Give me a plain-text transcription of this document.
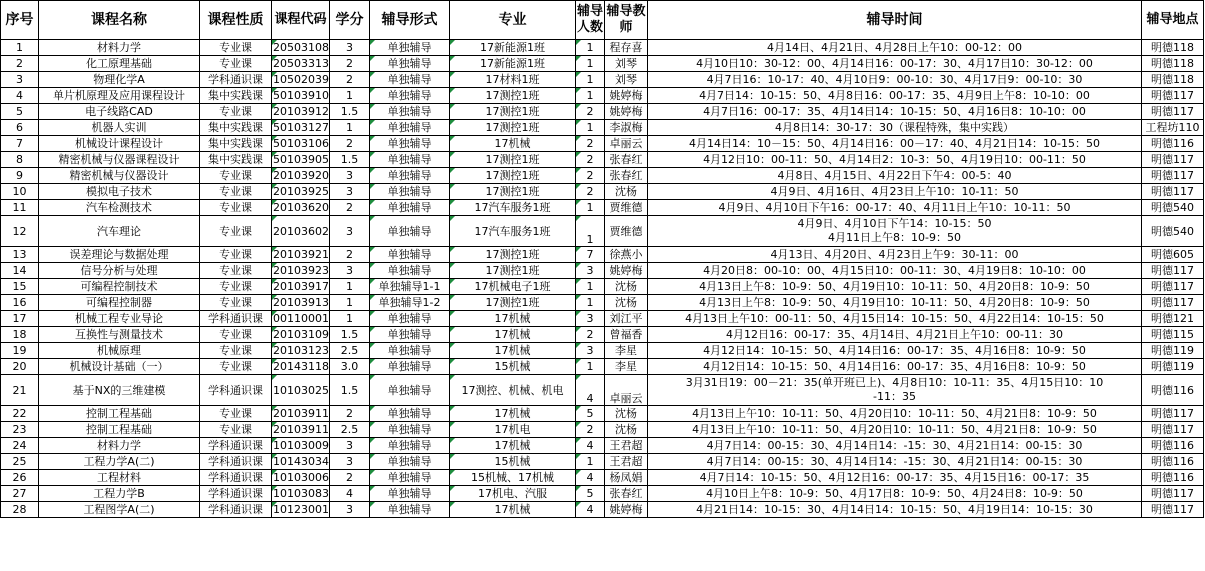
序号	课程名称	课程性质	课程代码	学分	辅导形式	专业	辅导人数	辅导教师	辅导时间	辅导地点
1	材料力学	专业课	20503108	3	单独辅导	17新能源1班	1	程存喜	4月14日、4月21日、4月28日上午10：00-12：00	明德118
2	化工原理基础	专业课	20503313	2	单独辅导	17新能源1班	1	刘琴	4月10日10：30-12：00、4月14日16：00-17：30、4月17日10：30-12：00	明德118
3	物理化学A	学科通识课	10502039	2	单独辅导	17材料1班	1	刘琴	4月7日16：10-17：40、4月10日9：00-10：30、4月17日9：00-10：30	明德118
4	单片机原理及应用课程设计	集中实践课	50103910	1	单独辅导	17测控1班	1	姚婷梅	4月7日14：10-15：50、4月8日16：00-17：35、4月9日上午8：10-10：00	明德117
5	电子线路CAD	专业课	20103912	1.5	单独辅导	17测控1班	2	姚婷梅	4月7日16：00-17：35、4月14日14：10-15：50、4月16日8：10-10：00	明德117
6	机器人实训	集中实践课	50103127	1	单独辅导	17测控1班	1	李淑梅	4月8日14：30-17：30（课程特殊，集中实践）	工程坊110
7	机械设计课程设计	集中实践课	50103106	2	单独辅导	17机械	2	卓丽云	4月14日14：10－15：50、4月14日16：00－17：40、4月21日14：10-15：50	明德116
8	精密机械与仪器课程设计	集中实践课	50103905	1.5	单独辅导	17测控1班	2	张春红	4月12日10：00-11：50、4月14日2：10-3：50、4月19日10：00-11：50	明德117
9	精密机械与仪器设计	专业课	20103920	3	单独辅导	17测控1班	2	张春红	4月8日、4月15日、4月22日下午4：00-5：40	明德117
10	模拟电子技术	专业课	20103925	3	单独辅导	17测控1班	2	沈杨	4月9日、4月16日、4月23日上午10：10-11：50	明德117
11	汽车检测技术	专业课	20103620	2	单独辅导	17汽车服务1班	1	贾维德	4月9日、4月10日下午16：00-17：40、4月11日上午10：10-11：50	明德540
12	汽车理论	专业课	20103602	3	单独辅导	17汽车服务1班	1	贾维德	4月9日、4月10日下午14：10-15：50
4月11日上午8：10-9：50	明德540
13	误差理论与数据处理	专业课	20103921	2	单独辅导	17测控1班	7	徐燕小	4月13日、4月20日、4月23日上午9：30-11：00	明德605
14	信号分析与处理	专业课	20103923	3	单独辅导	17测控1班	3	姚婷梅	4月20日8：00-10：00、4月15日10：00-11：30、4月19日8：10-10：00	明德117
15	可编程控制技术	专业课	20103917	1	单独辅导1-1	17机械电子1班	1	沈杨	4月13日上午8：10-9：50、4月19日10：10-11：50、4月20日8：10-9：50	明德117
16	可编程控制器	专业课	20103913	1	单独辅导1-2	17测控1班	1	沈杨	4月13日上午8：10-9：50、4月19日10：10-11：50、4月20日8：10-9：50	明德117
17	机械工程专业导论	学科通识课	00110001	1	单独辅导	17机械	3	刘江平	4月13日上午10：00-11：50、4月15日14：10-15：50、4月22日14：10-15：50	明德121
18	互换性与测量技术	专业课	20103109	1.5	单独辅导	17机械	2	曾福香	4月12日16：00-17：35、4月14日、4月21日上午10：00-11：30	明德115
19	机械原理	专业课	20103123	2.5	单独辅导	17机械	3	李星	4月12日14：10-15：50、4月14日16：00-17：35、4月16日8：10-9：50	明德119
20	机械设计基础（一）	专业课	20143118	3.0	单独辅导	15机械	1	李星	4月12日14：10-15：50、4月14日16：00-17：35、4月16日8：10-9：50	明德119
21	基于NX的三维建模	学科通识课	10103025	1.5	单独辅导	17测控、机械、机电	4	卓丽云	3月31日19：00－21：35(单开班已上)、4月8日10：10-11：35、4月15日10：10
-11：35	明德116
22	控制工程基础	专业课	20103911	2	单独辅导	17机械	5	沈杨	4月13日上午10：10-11：50、4月20日10：10-11：50、4月21日8：10-9：50	明德117
23	控制工程基础	专业课	20103911	2.5	单独辅导	17机电	2	沈杨	4月13日上午10：10-11：50、4月20日10：10-11：50、4月21日8：10-9：50	明德117
24	材料力学	学科通识课	10103009	3	单独辅导	17机械	4	王君超	4月7日14：00-15：30、4月14日14：-15：30、4月21日14：00-15：30	明德116
25	工程力学A(二)	学科通识课	10143034	3	单独辅导	15机械	1	王君超	4月7日14：00-15：30、4月14日14：-15：30、4月21日14：00-15：30	明德116
26	工程材料	学科通识课	10103006	2	单独辅导	15机械、17机械	4	杨凤娟	4月7日14：10-15：50、4月12日16：00-17：35、4月15日16：00-17：35	明德116
27	工程力学B	学科通识课	10103083	4	单独辅导	17机电、汽服	5	张春红	4月10日上午8：10-9：50、4月17日8：10-9：50、4月24日8：10-9：50	明德117
28	工程图学A(二)	学科通识课	10123001	3	单独辅导	17机械	4	姚婷梅	4月21日14：10-15：30、4月14日14：10-15：50、4月19日14：10-15：30	明德117
